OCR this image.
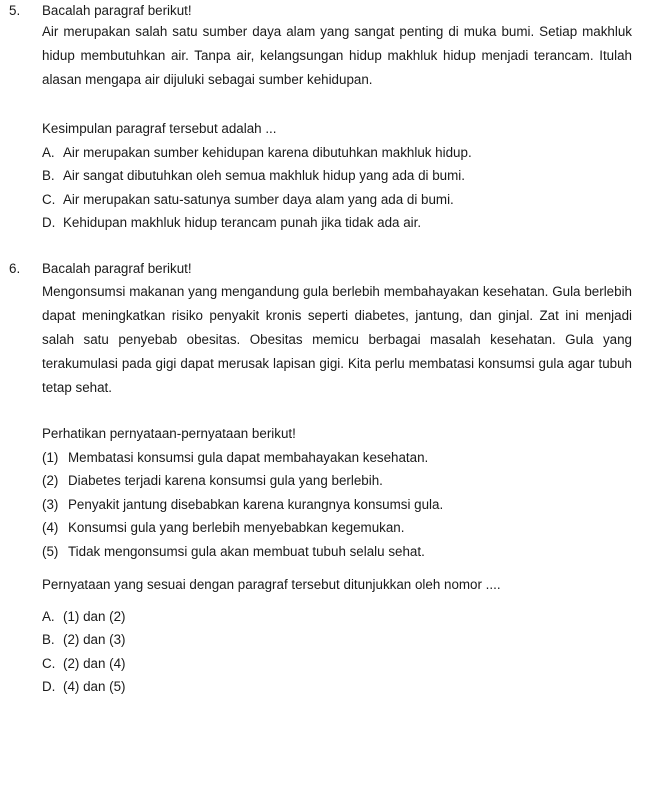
5. Bacalah paragraf berikut!
Air merupakan salah satu sumber daya alam yang sangat penting di muka bumi. Setiap makhluk hidup membutuhkan air. Tanpa air, kelangsungan hidup makhluk hidup menjadi terancam. Itulah alasan mengapa air dijuluki sebagai sumber kehidupan.
Kesimpulan paragraf tersebut adalah ...
A. Air merupakan sumber kehidupan karena dibutuhkan makhluk hidup.
B. Air sangat dibutuhkan oleh semua makhluk hidup yang ada di bumi.
C. Air merupakan satu-satunya sumber daya alam yang ada di bumi.
D. Kehidupan makhluk hidup terancam punah jika tidak ada air.
6. Bacalah paragraf berikut!
Mengonsumsi makanan yang mengandung gula berlebih membahayakan kesehatan. Gula berlebih dapat meningkatkan risiko penyakit kronis seperti diabetes, jantung, dan ginjal. Zat ini menjadi salah satu penyebab obesitas. Obesitas memicu berbagai masalah kesehatan. Gula yang terakumulasi pada gigi dapat merusak lapisan gigi. Kita perlu membatasi konsumsi gula agar tubuh tetap sehat.
Perhatikan pernyataan-pernyataan berikut!
(1) Membatasi konsumsi gula dapat membahayakan kesehatan.
(2) Diabetes terjadi karena konsumsi gula yang berlebih.
(3) Penyakit jantung disebabkan karena kurangnya konsumsi gula.
(4) Konsumsi gula yang berlebih menyebabkan kegemukan.
(5) Tidak mengonsumsi gula akan membuat tubuh selalu sehat.
Pernyataan yang sesuai dengan paragraf tersebut ditunjukkan oleh nomor ....
A. (1) dan (2)
B. (2) dan (3)
C. (2) dan (4)
D. (4) dan (5)
